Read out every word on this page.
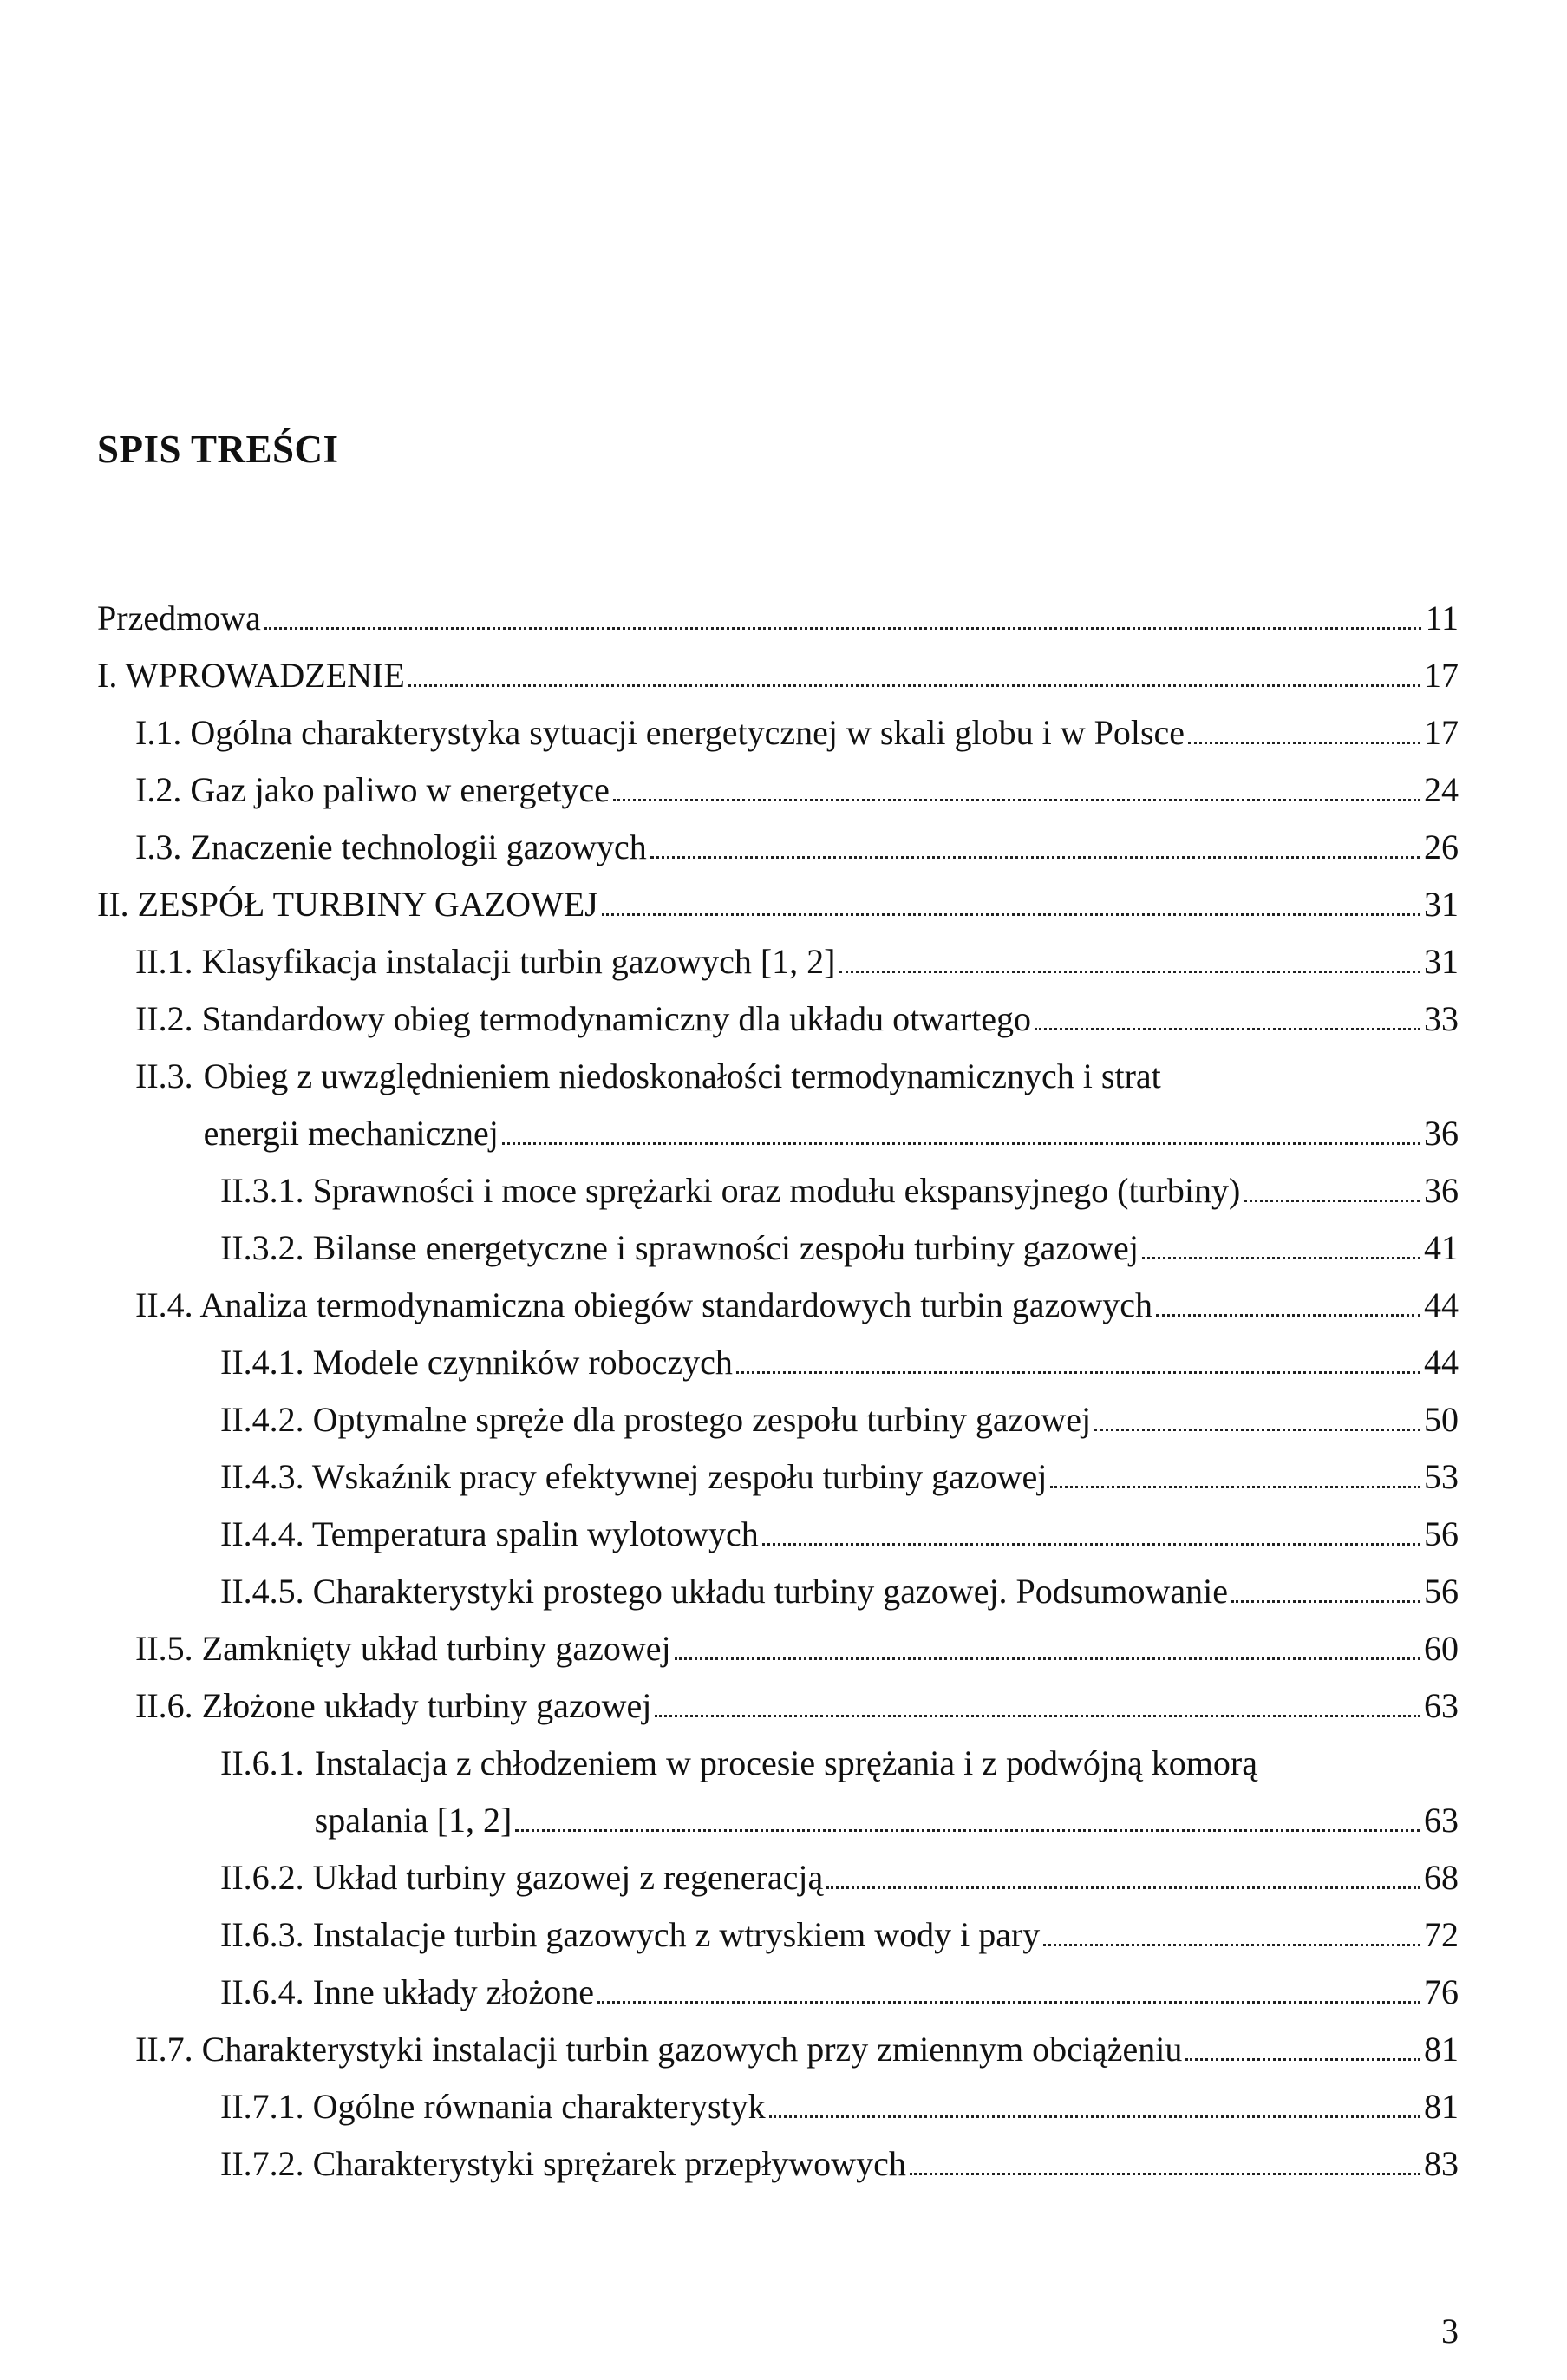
SPIS TREŚCI
Przedmowa	11
I. WPROWADZENIE	17
I.1. Ogólna charakterystyka sytuacji energetycznej w skali globu i w Polsce	17
I.2. Gaz jako paliwo w energetyce	24
I.3. Znaczenie technologii gazowych	26
II. ZESPÓŁ TURBINY GAZOWEJ	31
II.1. Klasyfikacja instalacji turbin gazowych [1, 2]	31
II.2. Standardowy obieg termodynamiczny dla układu otwartego	33
II.3. Obieg z uwzględnieniem niedoskonałości termodynamicznych i strat
energii mechanicznej	36
II.3.1. Sprawności i moce sprężarki oraz modułu ekspansyjnego (turbiny)	36
II.3.2. Bilanse energetyczne i sprawności zespołu turbiny gazowej	41
II.4. Analiza termodynamiczna obiegów standardowych turbin gazowych	44
II.4.1. Modele czynników roboczych	44
II.4.2. Optymalne spręże dla prostego zespołu turbiny gazowej	50
II.4.3. Wskaźnik pracy efektywnej zespołu turbiny gazowej	53
II.4.4. Temperatura spalin wylotowych	56
II.4.5. Charakterystyki prostego układu turbiny gazowej. Podsumowanie	56
II.5. Zamknięty układ turbiny gazowej	60
II.6. Złożone układy turbiny gazowej	63
II.6.1. Instalacja z chłodzeniem w procesie sprężania i z podwójną komorą
spalania [1, 2]	63
II.6.2. Układ turbiny gazowej z regeneracją	68
II.6.3. Instalacje turbin gazowych z wtryskiem wody i pary	72
II.6.4. Inne układy złożone	76
II.7. Charakterystyki instalacji turbin gazowych przy zmiennym obciążeniu	81
II.7.1. Ogólne równania charakterystyk	81
II.7.2. Charakterystyki sprężarek przepływowych	83
3
